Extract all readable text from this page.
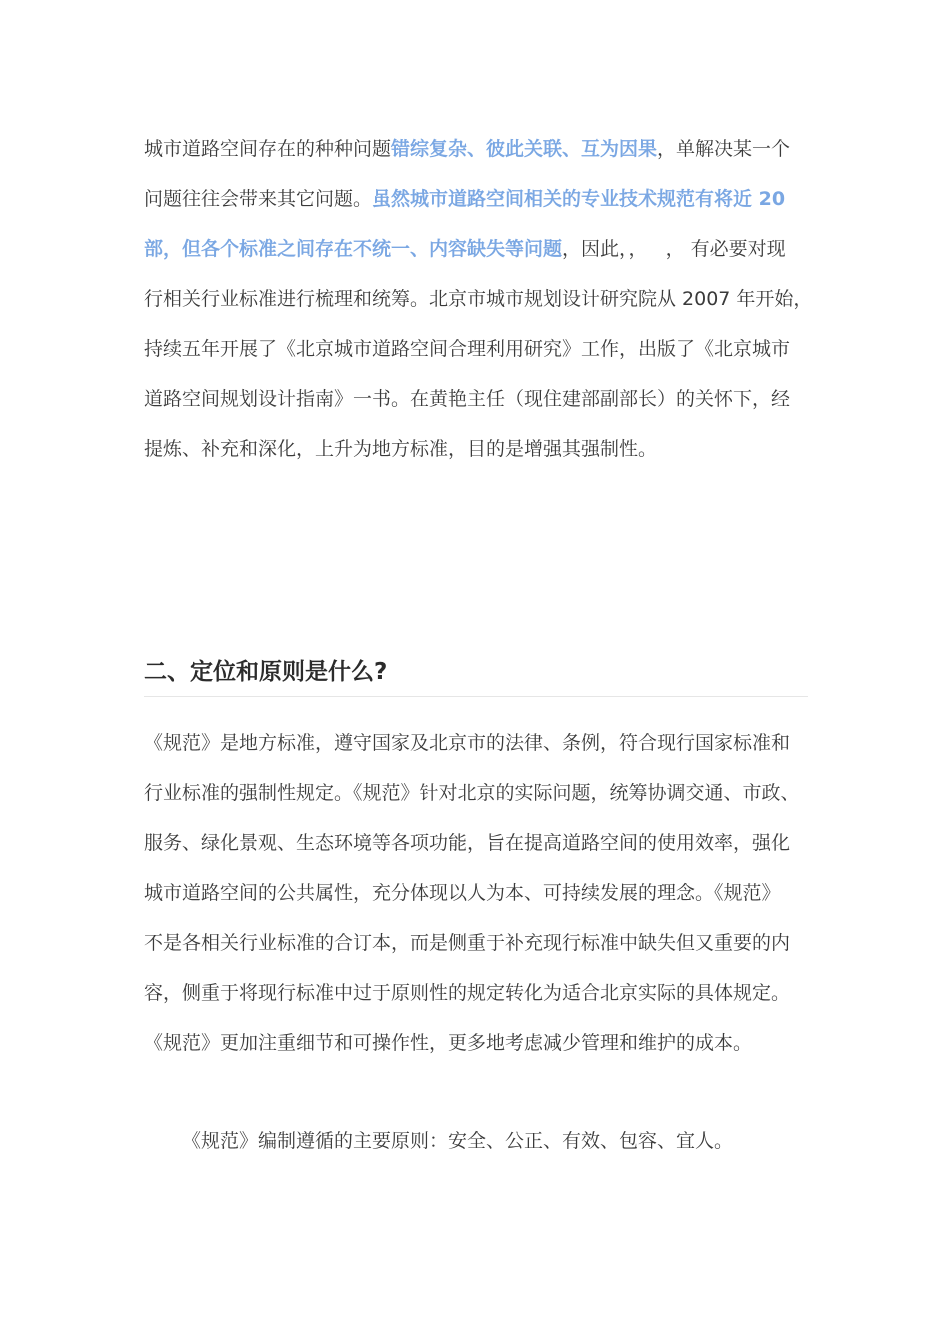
城市道路空间存在的种种问题错综复杂、彼此关联、互为因果，单解决某一个
问题往往会带来其它问题。虽然城市道路空间相关的专业技术规范有将近 20
部，但各个标准之间存在不统一、内容缺失等问题，因此，，   ， 有必要对现
行相关行业标准进行梳理和统筹。北京市城市规划设计研究院从 2007 年开始，
持续五年开展了《北京城市道路空间合理利用研究》工作，出版了《北京城市
道路空间规划设计指南》一书。在黄艳主任（现住建部副部长）的关怀下，经
提炼、补充和深化，上升为地方标准，目的是增强其强制性。
二、定位和原则是什么?
《规范》是地方标准，遵守国家及北京市的法律、条例，符合现行国家标准和
行业标准的强制性规定。《规范》针对北京的实际问题，统筹协调交通、市政、
服务、绿化景观、生态环境等各项功能，旨在提高道路空间的使用效率，强化
城市道路空间的公共属性，充分体现以人为本、可持续发展的理念。《规范》
不是各相关行业标准的合订本，而是侧重于补充现行标准中缺失但又重要的内
容，侧重于将现行标准中过于原则性的规定转化为适合北京实际的具体规定。
《规范》更加注重细节和可操作性，更多地考虑减少管理和维护的成本。
《规范》编制遵循的主要原则：安全、公正、有效、包容、宜人。
